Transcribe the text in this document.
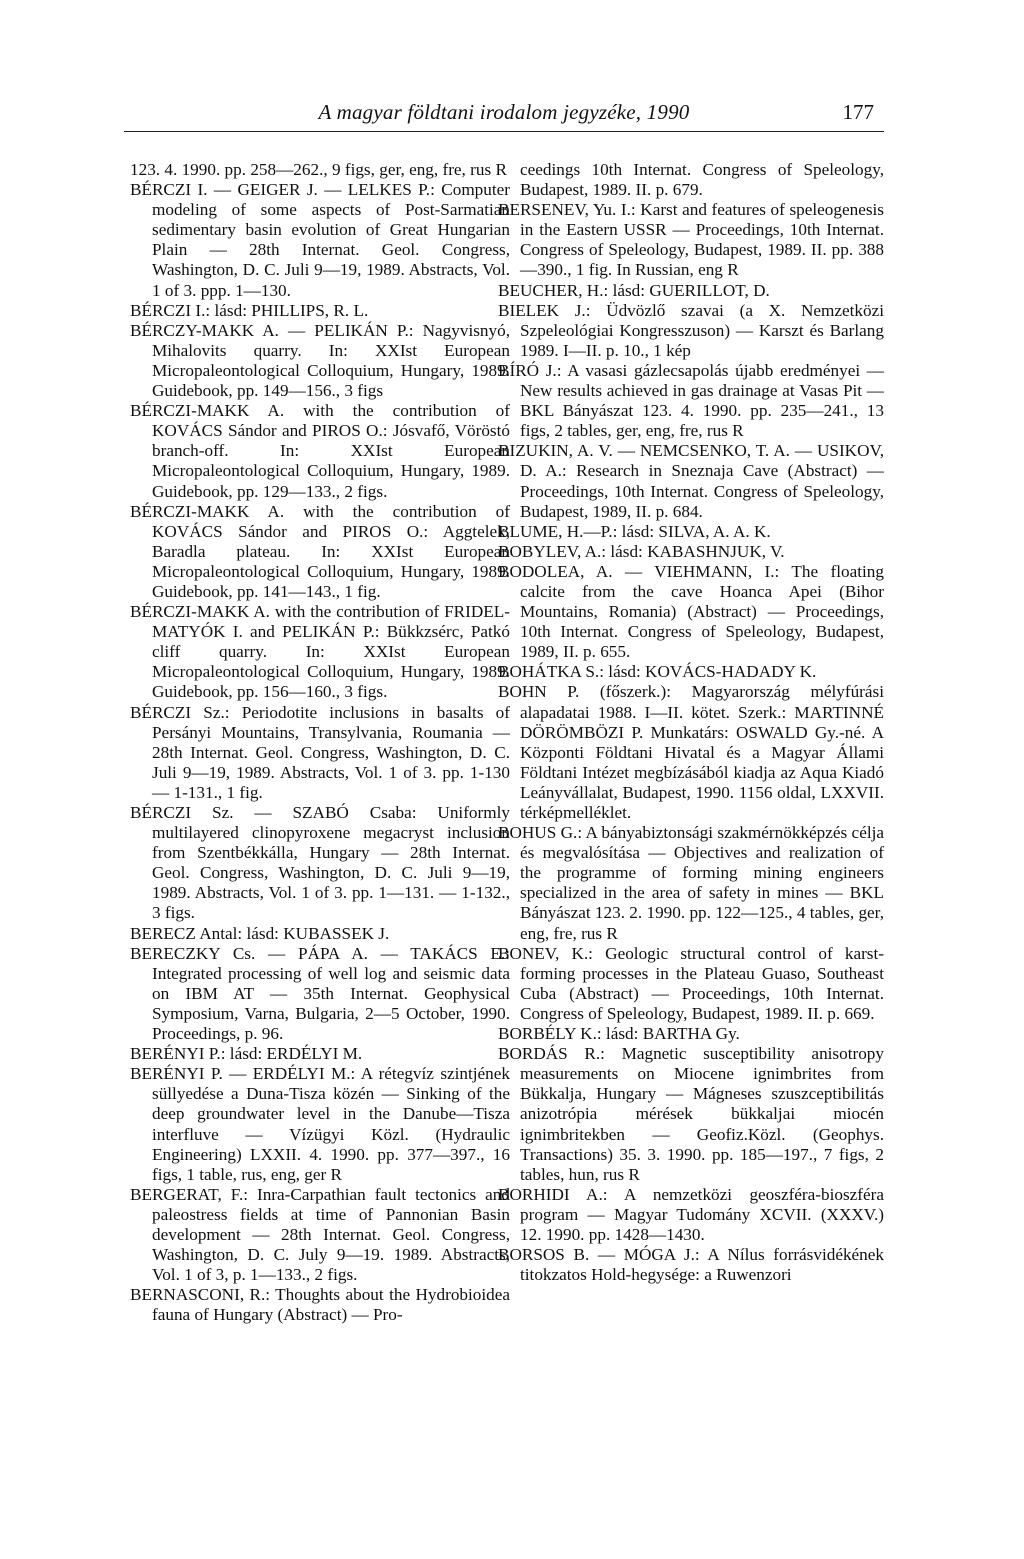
A magyar földtani irodalom jegyzéke, 1990	177

123. 4. 1990. pp. 258—262., 9 figs, ger, eng, fre, rus R

BÉRCZI I. — GEIGER J. — LELKES P.: Computer modeling of some aspects of Post-Sarmatian sedimentary basin evolution of Great Hungarian Plain — 28th Internat. Geol. Congress, Washington, D. C. Juli 9—19, 1989. Abstracts, Vol. 1 of 3. ppp. 1—130.

BÉRCZI I.: lásd: PHILLIPS, R. L.

BÉRCZY-MAKK A. — PELIKÁN P.: Nagyvisnyó, Mihalovits quarry. In: XXIst European Micropaleontological Colloquium, Hungary, 1989. Guidebook, pp. 149—156., 3 figs

BÉRCZI-MAKK A. with the contribution of KOVÁCS Sándor and PIROS O.: Jósvafő, Vöröstó branch-off. In: XXIst European Micropaleontological Colloquium, Hungary, 1989. Guidebook, pp. 129—133., 2 figs.

BÉRCZI-MAKK A. with the contribution of KOVÁCS Sándor and PIROS O.: Aggtelek, Baradla plateau. In: XXIst European Micropaleontological Colloquium, Hungary, 1989. Guidebook, pp. 141—143., 1 fig.

BÉRCZI-MAKK A. with the contribution of FRIDEL-MATYÓK I. and PELIKÁN P.: Bükkzsérc, Patkó cliff quarry. In: XXIst European Micropaleontological Colloquium, Hungary, 1989. Guidebook, pp. 156—160., 3 figs.

BÉRCZI Sz.: Periodotite inclusions in basalts of Persányi Mountains, Transylvania, Roumania — 28th Internat. Geol. Congress, Washington, D. C. Juli 9—19, 1989. Abstracts, Vol. 1 of 3. pp. 1-130 — 1-131., 1 fig.

BÉRCZI Sz. — SZABÓ Csaba: Uniformly multilayered clinopyroxene megacryst inclusion from Szentbékkálla, Hungary — 28th Internat. Geol. Congress, Washington, D. C. Juli 9—19, 1989. Abstracts, Vol. 1 of 3. pp. 1—131. — 1-132., 3 figs.

BERECZ Antal: lásd: KUBASSEK J.

BERECZKY Cs. — PÁPA A. — TAKÁCS E.: Integrated processing of well log and seismic data on IBM AT — 35th Internat. Geophysical Symposium, Varna, Bulgaria, 2—5 October, 1990. Proceedings, p. 96.

BERÉNYI P.: lásd: ERDÉLYI M.

BERÉNYI P. — ERDÉLYI M.: A rétegvíz szintjének süllyedése a Duna-Tisza közén — Sinking of the deep groundwater level in the Danube—Tisza interfluve — Vízügyi Közl. (Hydraulic Engineering) LXXII. 4. 1990. pp. 377—397., 16 figs, 1 table, rus, eng, ger R

BERGERAT, F.: Inra-Carpathian fault tectonics and paleostress fields at time of Pannonian Basin development — 28th Internat. Geol. Congress, Washington, D. C. July 9—19. 1989. Abstracts, Vol. 1 of 3, p. 1—133., 2 figs.

BERNASCONI, R.: Thoughts about the Hydrobioidea fauna of Hungary (Abstract) — Pro-

ceedings 10th Internat. Congress of Speleology, Budapest, 1989. II. p. 679.

BERSENEV, Yu. I.: Karst and features of speleogenesis in the Eastern USSR — Proceedings, 10th Internat. Congress of Speleology, Budapest, 1989. II. pp. 388—390., 1 fig. In Russian, eng R

BEUCHER, H.: lásd: GUERILLOT, D.

BIELEK J.: Üdvözlő szavai (a X. Nemzetközi Szpeleológiai Kongresszuson) — Karszt és Barlang 1989. I—II. p. 10., 1 kép

BÍRÓ J.: A vasasi gázlecsapolás újabb eredményei — New results achieved in gas drainage at Vasas Pit — BKL Bányászat 123. 4. 1990. pp. 235—241., 13 figs, 2 tables, ger, eng, fre, rus R

BIZUKIN, A. V. — NEMCSENKO, T. A. — USIKOV, D. A.: Research in Sneznaja Cave (Abstract) — Proceedings, 10th Internat. Congress of Speleology, Budapest, 1989, II. p. 684.

BLUME, H.—P.: lásd: SILVA, A. A. K.

BOBYLEV, A.: lásd: KABASHNJUK, V.

BODOLEA, A. — VIEHMANN, I.: The floating calcite from the cave Hoanca Apei (Bihor Mountains, Romania) (Abstract) — Proceedings, 10th Internat. Congress of Speleology, Budapest, 1989, II. p. 655.

BOHÁTKA S.: lásd: KOVÁCS-HADADY K.

BOHN P. (főszerk.): Magyarország mélyfúrási alapadatai 1988. I—II. kötet. Szerk.: MARTINNÉ DÖRÖMBÖZI P. Munkatárs: OSWALD Gy.-né. A Központi Földtani Hivatal és a Magyar Állami Földtani Intézet megbízásából kiadja az Aqua Kiadó Leányvállalat, Budapest, 1990. 1156 oldal, LXXVII. térképmelléklet.

BOHUS G.: A bányabiztonsági szakmérnökképzés célja és megvalósítása — Objectives and realization of the programme of forming mining engineers specialized in the area of safety in mines — BKL Bányászat 123. 2. 1990. pp. 122—125., 4 tables, ger, eng, fre, rus R

BONEV, K.: Geologic structural control of karst-forming processes in the Plateau Guaso, Southeast Cuba (Abstract) — Proceedings, 10th Internat. Congress of Speleology, Budapest, 1989. II. p. 669.

BORBÉLY K.: lásd: BARTHA Gy.

BORDÁS R.: Magnetic susceptibility anisotropy measurements on Miocene ignimbrites from Bükkalja, Hungary — Mágneses szuszceptibilitás anizotrópia mérések bükkaljai miocén ignimbritekben — Geofiz.Közl. (Geophys. Transactions) 35. 3. 1990. pp. 185—197., 7 figs, 2 tables, hun, rus R

BORHIDI A.: A nemzetközi geoszféra-bioszféra program — Magyar Tudomány XCVII. (XXXV.) 12. 1990. pp. 1428—1430.

BORSOS B. — MÓGA J.: A Nílus forrásvidékének titokzatos Hold-hegysége: a Ruwenzori
